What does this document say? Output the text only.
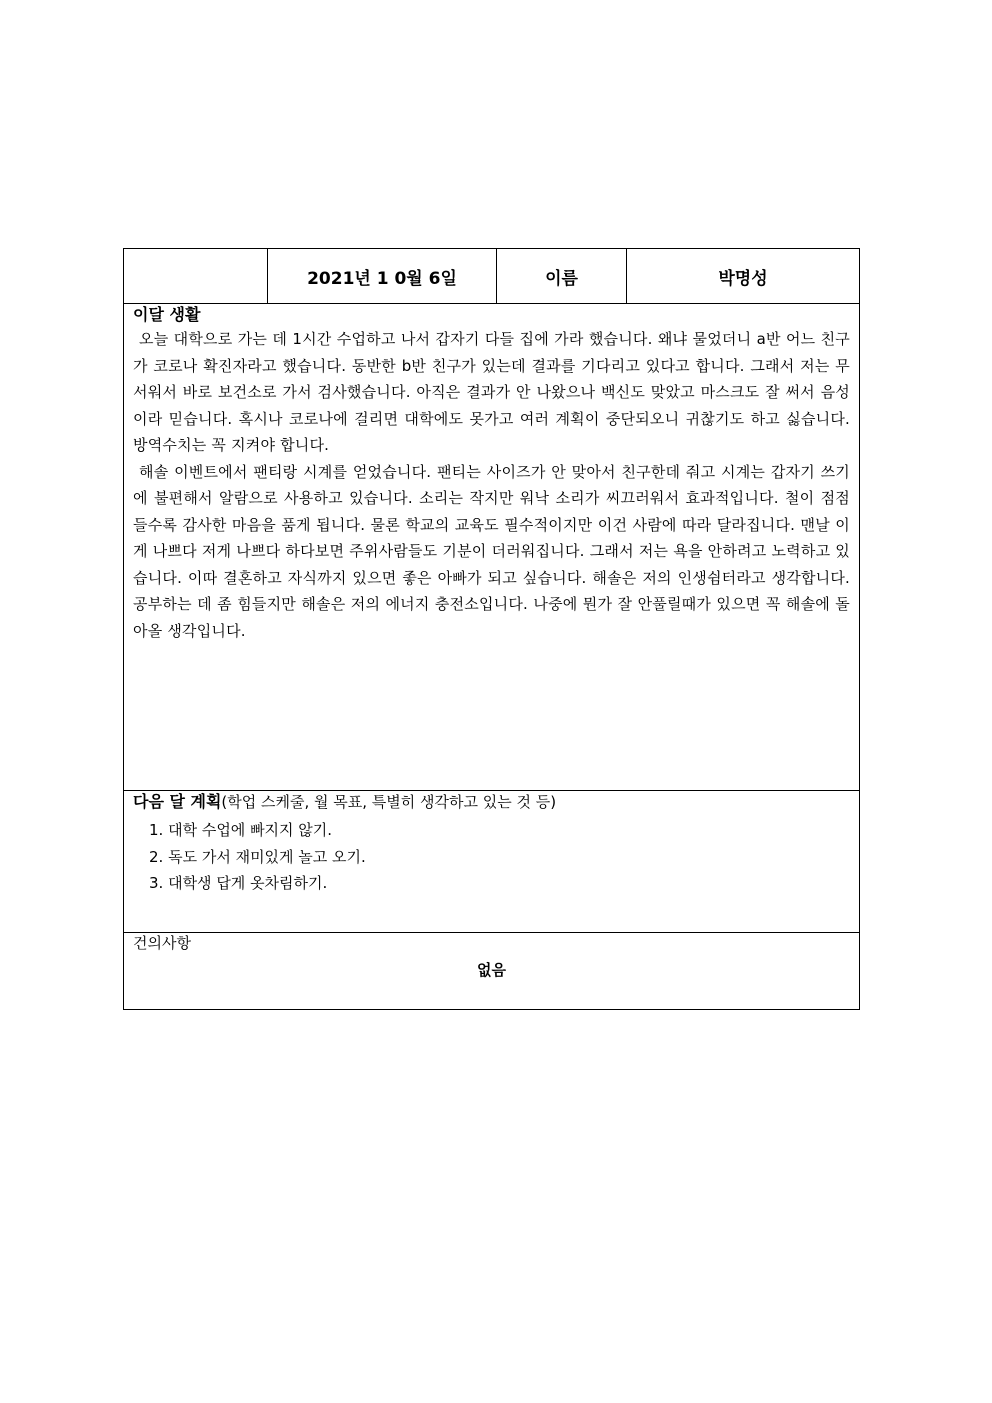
2021년 1 0월 6일	이름	박명성
이달 생활

오늘 대학으로 가는 데 1시간 수업하고 나서 갑자기 다들 집에 가라 했습니다. 왜냐 물었더니 a반 어느 친구가 코로나 확진자라고 했습니다. 동반한 b반 친구가 있는데 결과를 기다리고 있다고 합니다. 그래서 저는 무서워서 바로 보건소로 가서 검사했습니다. 아직은 결과가 안 나왔으나 백신도 맞았고 마스크도 잘 써서 음성이라 믿습니다. 혹시나 코로나에 걸리면 대학에도 못가고 여러 계획이 중단되오니 귀찮기도 하고 싫습니다. 방역수치는 꼭 지켜야 합니다.

해솔 이벤트에서 팬티랑 시계를 얻었습니다. 팬티는 사이즈가 안 맞아서 친구한데 줘고 시계는 갑자기 쓰기에 불편해서 알람으로 사용하고 있습니다. 소리는 작지만 워낙 소리가 씨끄러워서 효과적입니다. 철이 점점 들수록 감사한 마음을 품게 됩니다. 물론 학교의 교육도 필수적이지만 이건 사람에 따라 달라집니다. 맨날 이게 나쁘다 저게 나쁘다 하다보면 주위사람들도 기분이 더러워집니다. 그래서 저는 욕을 안하려고 노력하고 있습니다. 이따 결혼하고 자식까지 있으면 좋은 아빠가 되고 싶습니다. 해솔은 저의 인생쉼터라고 생각합니다. 공부하는 데 좀 힘들지만 해솔은 저의 에너지 충전소입니다. 나중에 뭔가 잘 안풀릴때가 있으면 꼭 해솔에 돌아올 생각입니다.

다음 달 계획(학업 스케줄, 월 목표, 특별히 생각하고 있는 것 등)
1. 대학 수업에 빠지지 않기.
2. 독도 가서 재미있게 놀고 오기.
3. 대학생 답게 옷차림하기.
건의사항
없음
